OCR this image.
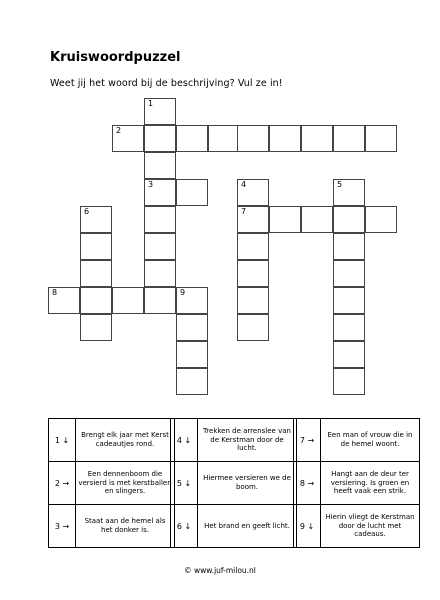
Kruiswoordpuzzel
Weet jij het woord bij de beschrijving? Vul ze in!
1
3
2
4
7
5
6
8	9
1 ↓
Brengt elk jaar met Kerst cadeautjes rond.
2 →
Een dennenboom die versierd is met kerstballen en slingers.
3 →
Staat aan de hemel als het donker is.
4 ↓
Trekken de arrenslee van de Kerstman door de lucht.
5 ↓
Hiermee versieren we de boom.
6 ↓	Het brand en geeft licht.
7 →
Een man of vrouw die in de hemel woont.
8 →
Hangt aan de deur ter versiering. Is groen en heeft vaak een strik.
9 ↓
Hierin vliegt de Kerstman door de lucht met cadeaus.
© www.juf-milou.nl
